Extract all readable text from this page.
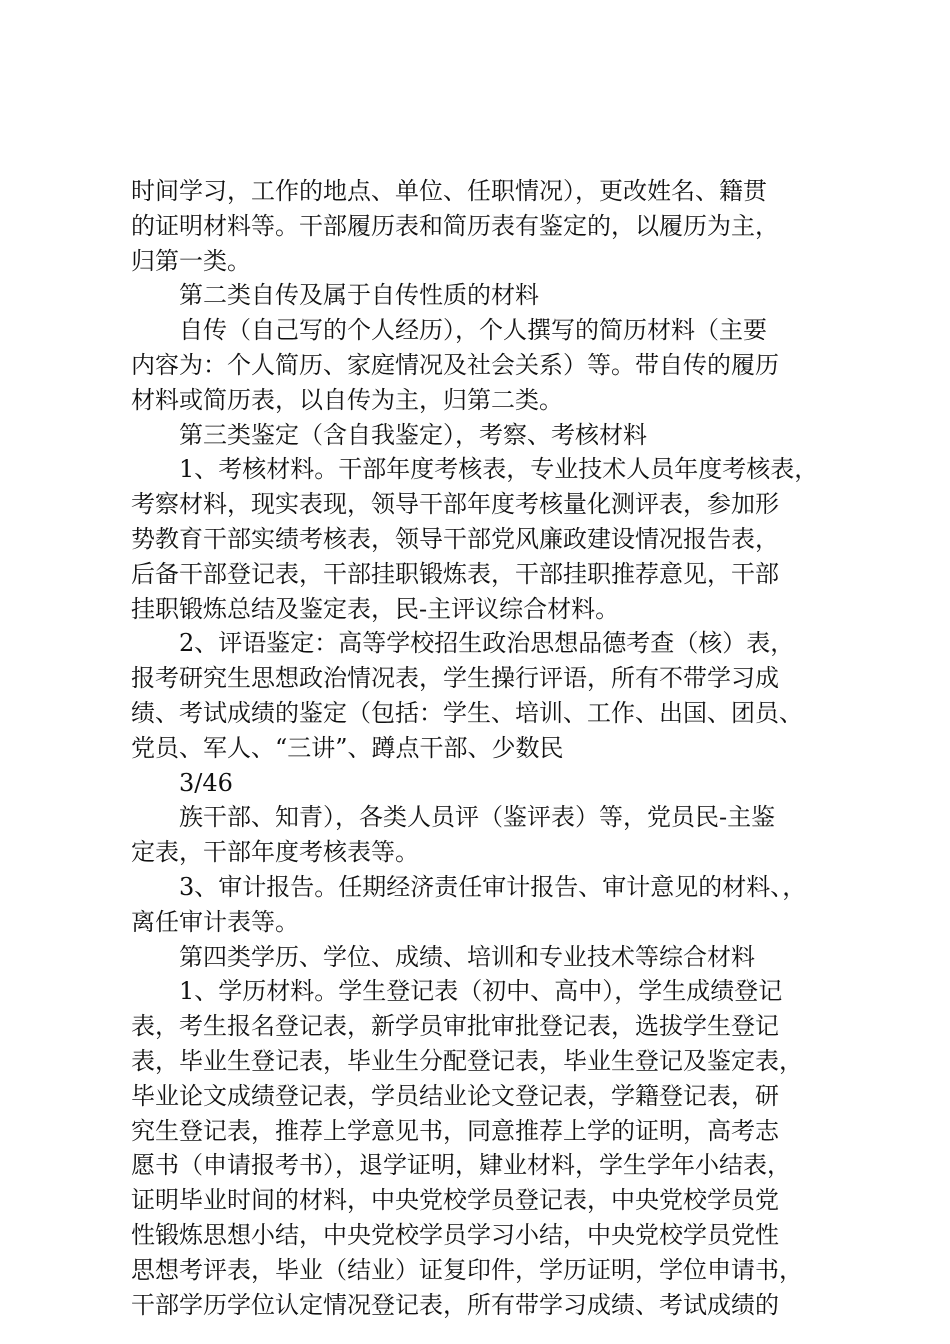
时间学习，工作的地点、单位、任职情况），更改姓名、籍贯
的证明材料等。干部履历表和简历表有鉴定的，以履历为主，
归第一类。
第二类自传及属于自传性质的材料
自传（自己写的个人经历），个人撰写的简历材料（主要
内容为：个人简历、家庭情况及社会关系）等。带自传的履历
材料或简历表，以自传为主，归第二类。
第三类鉴定（含自我鉴定），考察、考核材料
1、考核材料。干部年度考核表，专业技术人员年度考核表，
考察材料，现实表现，领导干部年度考核量化测评表，参加形
势教育干部实绩考核表，领导干部党风廉政建设情况报告表，
后备干部登记表，干部挂职锻炼表，干部挂职推荐意见，干部
挂职锻炼总结及鉴定表，民-主评议综合材料。
2、评语鉴定：高等学校招生政治思想品德考查（核）表，
报考研究生思想政治情况表，学生操行评语，所有不带学习成
绩、考试成绩的鉴定（包括：学生、培训、工作、出国、团员、
党员、军人、“三讲”、蹲点干部、少数民
3/46
族干部、知青），各类人员评（鉴评表）等，党员民-主鉴
定表，干部年度考核表等。
3、审计报告。任期经济责任审计报告、审计意见的材料、，
离任审计表等。
第四类学历、学位、成绩、培训和专业技术等综合材料
1、学历材料。学生登记表（初中、高中），学生成绩登记
表，考生报名登记表，新学员审批审批登记表，选拔学生登记
表，毕业生登记表，毕业生分配登记表，毕业生登记及鉴定表，
毕业论文成绩登记表，学员结业论文登记表，学籍登记表，研
究生登记表，推荐上学意见书，同意推荐上学的证明，高考志
愿书（申请报考书），退学证明，肄业材料，学生学年小结表，
证明毕业时间的材料，中央党校学员登记表，中央党校学员党
性锻炼思想小结，中央党校学员学习小结，中央党校学员党性
思想考评表，毕业（结业）证复印件，学历证明，学位申请书，
干部学历学位认定情况登记表，所有带学习成绩、考试成绩的
